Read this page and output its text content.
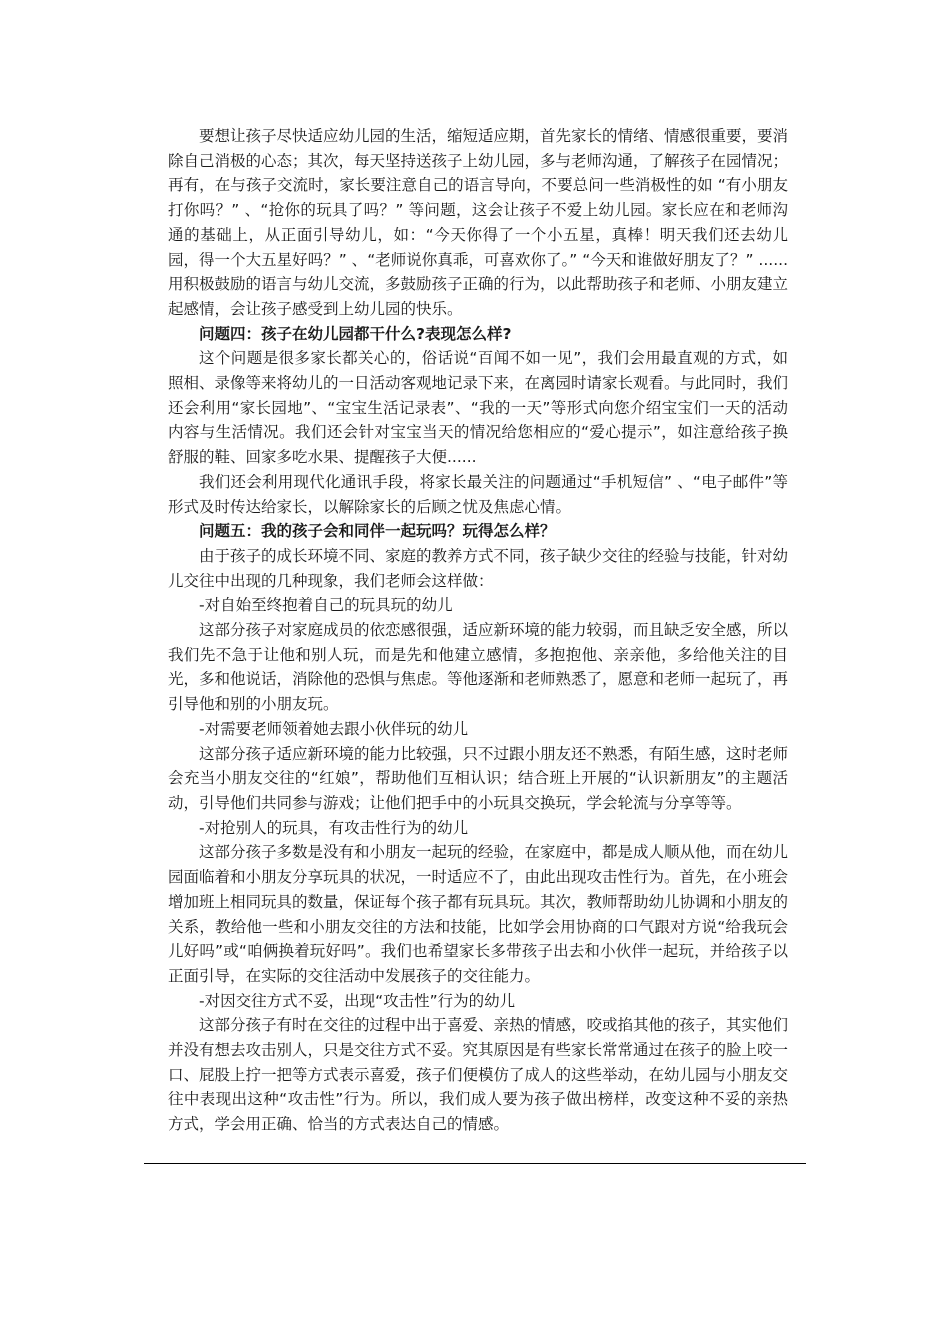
要想让孩子尽快适应幼儿园的生活，缩短适应期，首先家长的情绪、情感很重要，要消除自己消极的心态；其次，每天坚持送孩子上幼儿园，多与老师沟通，了解孩子在园情况；再有，在与孩子交流时，家长要注意自己的语言导向，不要总问一些消极性的如 “有小朋友打你吗？” 、“抢你的玩具了吗？” 等问题，这会让孩子不爱上幼儿园。家长应在和老师沟通的基础上，从正面引导幼儿，如：“今天你得了一个小五星，真棒！明天我们还去幼儿园，得一个大五星好吗？” 、“老师说你真乖，可喜欢你了。” “今天和谁做好朋友了？” ......用积极鼓励的语言与幼儿交流，多鼓励孩子正确的行为，以此帮助孩子和老师、小朋友建立起感情，会让孩子感受到上幼儿园的快乐。

问题四：孩子在幼儿园都干什么?表现怎么样?

这个问题是很多家长都关心的，俗话说“百闻不如一见”，我们会用最直观的方式，如照相、录像等来将幼儿的一日活动客观地记录下来，在离园时请家长观看。与此同时，我们还会利用“家长园地”、“宝宝生活记录表”、“我的一天”等形式向您介绍宝宝们一天的活动内容与生活情况。我们还会针对宝宝当天的情况给您相应的“爱心提示”，如注意给孩子换舒服的鞋、回家多吃水果、提醒孩子大便......

我们还会利用现代化通讯手段，将家长最关注的问题通过“手机短信” 、“电子邮件”等形式及时传达给家长，以解除家长的后顾之忧及焦虑心情。

问题五：我的孩子会和同伴一起玩吗？玩得怎么样？

由于孩子的成长环境不同、家庭的教养方式不同，孩子缺少交往的经验与技能，针对幼儿交往中出现的几种现象，我们老师会这样做：

-对自始至终抱着自己的玩具玩的幼儿

这部分孩子对家庭成员的依恋感很强，适应新环境的能力较弱，而且缺乏安全感，所以我们先不急于让他和别人玩，而是先和他建立感情，多抱抱他、亲亲他，多给他关注的目光，多和他说话，消除他的恐惧与焦虑。等他逐渐和老师熟悉了，愿意和老师一起玩了，再引导他和别的小朋友玩。

-对需要老师领着她去跟小伙伴玩的幼儿

这部分孩子适应新环境的能力比较强，只不过跟小朋友还不熟悉，有陌生感，这时老师会充当小朋友交往的“红娘”，帮助他们互相认识；结合班上开展的“认识新朋友”的主题活动，引导他们共同参与游戏；让他们把手中的小玩具交换玩，学会轮流与分享等等。

-对抢别人的玩具，有攻击性行为的幼儿

这部分孩子多数是没有和小朋友一起玩的经验，在家庭中，都是成人顺从他，而在幼儿园面临着和小朋友分享玩具的状况，一时适应不了，由此出现攻击性行为。首先，在小班会增加班上相同玩具的数量，保证每个孩子都有玩具玩。其次，教师帮助幼儿协调和小朋友的关系，教给他一些和小朋友交往的方法和技能，比如学会用协商的口气跟对方说“给我玩会儿好吗”或“咱俩换着玩好吗”。我们也希望家长多带孩子出去和小伙伴一起玩，并给孩子以正面引导，在实际的交往活动中发展孩子的交往能力。

-对因交往方式不妥，出现“攻击性”行为的幼儿

这部分孩子有时在交往的过程中出于喜爱、亲热的情感，咬或掐其他的孩子，其实他们并没有想去攻击别人，只是交往方式不妥。究其原因是有些家长常常通过在孩子的脸上咬一口、屁股上拧一把等方式表示喜爱，孩子们便模仿了成人的这些举动，在幼儿园与小朋友交往中表现出这种“攻击性”行为。所以，我们成人要为孩子做出榜样，改变这种不妥的亲热方式，学会用正确、恰当的方式表达自己的情感。
